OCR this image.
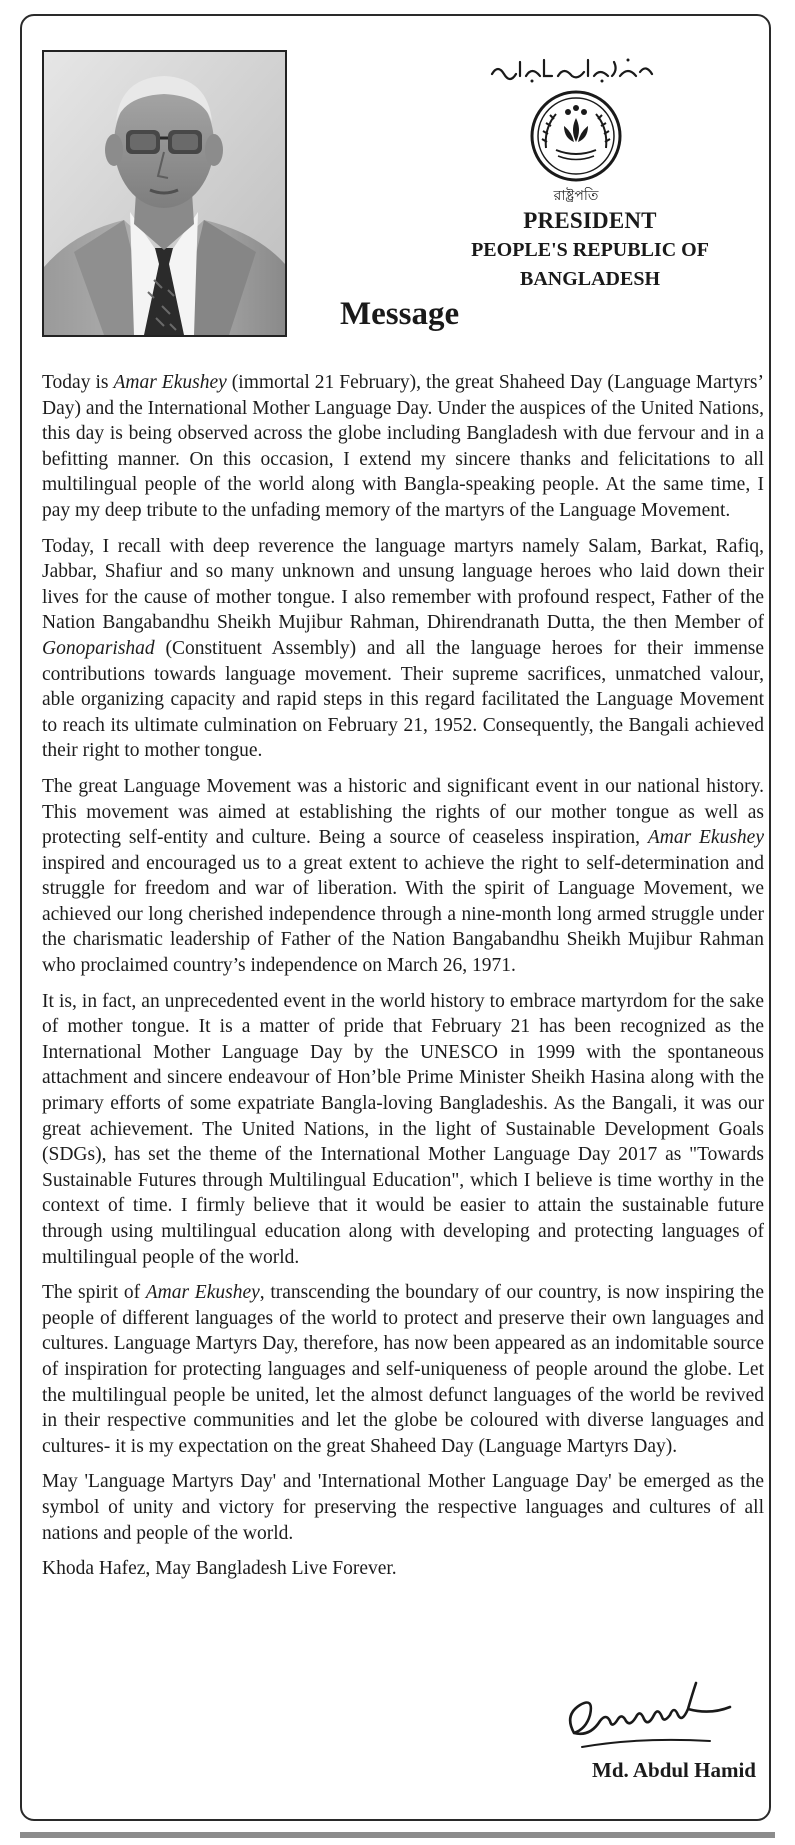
রাষ্ট্রপতি
PRESIDENT
PEOPLE'S REPUBLIC OF
BANGLADESH
Message

Today is Amar Ekushey (immortal 21 February), the great Shaheed Day (Language Martyrs’ Day) and the International Mother Language Day. Under the auspices of the United Nations, this day is being observed across the globe including Bangladesh with due fervour and in a befitting manner. On this occasion, I extend my sincere thanks and felicitations to all multilingual people of the world along with Bangla-speaking people. At the same time, I pay my deep tribute to the unfading memory of the martyrs of the Language Movement.

Today, I recall with deep reverence the language martyrs namely Salam, Barkat, Rafiq, Jabbar, Shafiur and so many unknown and unsung language heroes who laid down their lives for the cause of mother tongue. I also remember with profound respect, Father of the Nation Bangabandhu Sheikh Mujibur Rahman, Dhirendranath Dutta, the then Member of Gonoparishad (Constituent Assembly) and all the language heroes for their immense contributions towards language movement. Their supreme sacrifices, unmatched valour, able organizing capacity and rapid steps in this regard facilitated the Language Movement to reach its ultimate culmination on February 21, 1952. Consequently, the Bangali achieved their right to mother tongue.

The great Language Movement was a historic and significant event in our national history. This movement was aimed at establishing the rights of our mother tongue as well as protecting self-entity and culture. Being a source of ceaseless inspiration, Amar Ekushey inspired and encouraged us to a great extent to achieve the right to self-determination and struggle for freedom and war of liberation. With the spirit of Language Movement, we achieved our long cherished independence through a nine-month long armed struggle under the charismatic leadership of Father of the Nation Bangabandhu Sheikh Mujibur Rahman who proclaimed country’s independence on March 26, 1971.

It is, in fact, an unprecedented event in the world history to embrace martyrdom for the sake of mother tongue. It is a matter of pride that February 21 has been recognized as the International Mother Language Day by the UNESCO in 1999 with the spontaneous attachment and sincere endeavour of Hon’ble Prime Minister Sheikh Hasina along with the primary efforts of some expatriate Bangla-loving Bangladeshis. As the Bangali, it was our great achievement. The United Nations, in the light of Sustainable Development Goals (SDGs), has set the theme of the International Mother Language Day 2017 as "Towards Sustainable Futures through Multilingual Education", which I believe is time worthy in the context of time. I firmly believe that it would be easier to attain the sustainable future through using multilingual education along with developing and protecting languages of multilingual people of the world.

The spirit of Amar Ekushey, transcending the boundary of our country, is now inspiring the people of different languages of the world to protect and preserve their own languages and cultures. Language Martyrs Day, therefore, has now been appeared as an indomitable source of inspiration for protecting languages and self-uniqueness of people around the globe. Let the multilingual people be united, let the almost defunct languages of the world be revived in their respective communities and let the globe be coloured with diverse languages and cultures- it is my expectation on the great Shaheed Day (Language Martyrs Day).

May 'Language Martyrs Day' and 'International Mother Language Day' be emerged as the symbol of unity and victory for preserving the respective languages and cultures of all nations and people of the world.

Khoda Hafez, May Bangladesh Live Forever.

Md. Abdul Hamid
